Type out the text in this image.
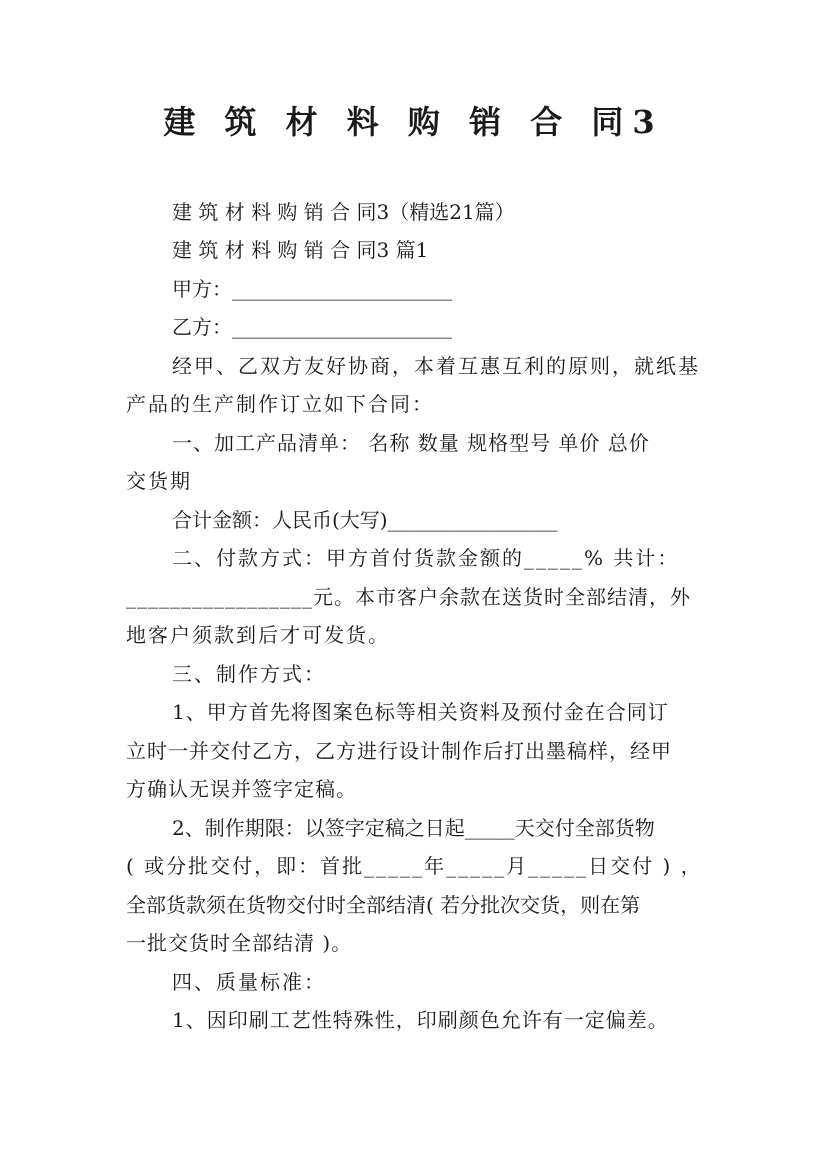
建 筑 材 料 购 销 合 同3
建 筑 材 料 购 销 合 同3（精选21篇）
建 筑 材 料 购 销 合 同3 篇1
甲方：______________________
乙方：______________________
经甲、乙双方友好协商，本着互惠互利的原则，就纸基
产品的生产制作订立如下合同：
一、加工产品清单： 名称 数量 规格型号 单价 总价
交货期
合计金额：人民币(大写)_________________
二、付款方式：甲方首付货款金额的_____% 共计：
_________________元。本市客户余款在送货时全部结清，外
地客户须款到后才可发货。
三、制作方式：
1、甲方首先将图案色标等相关资料及预付金在合同订
立时一并交付乙方，乙方进行设计制作后打出墨稿样，经甲
方确认无误并签字定稿。
2、制作期限：以签字定稿之日起_____天交付全部货物
( 或分批交付，即：首批_____年_____月_____日交付 ) ，
全部货款须在货物交付时全部结清( 若分批次交货，则在第
一批交货时全部结清 )。
四、质量标准：
1、因印刷工艺性特殊性，印刷颜色允许有一定偏差。
